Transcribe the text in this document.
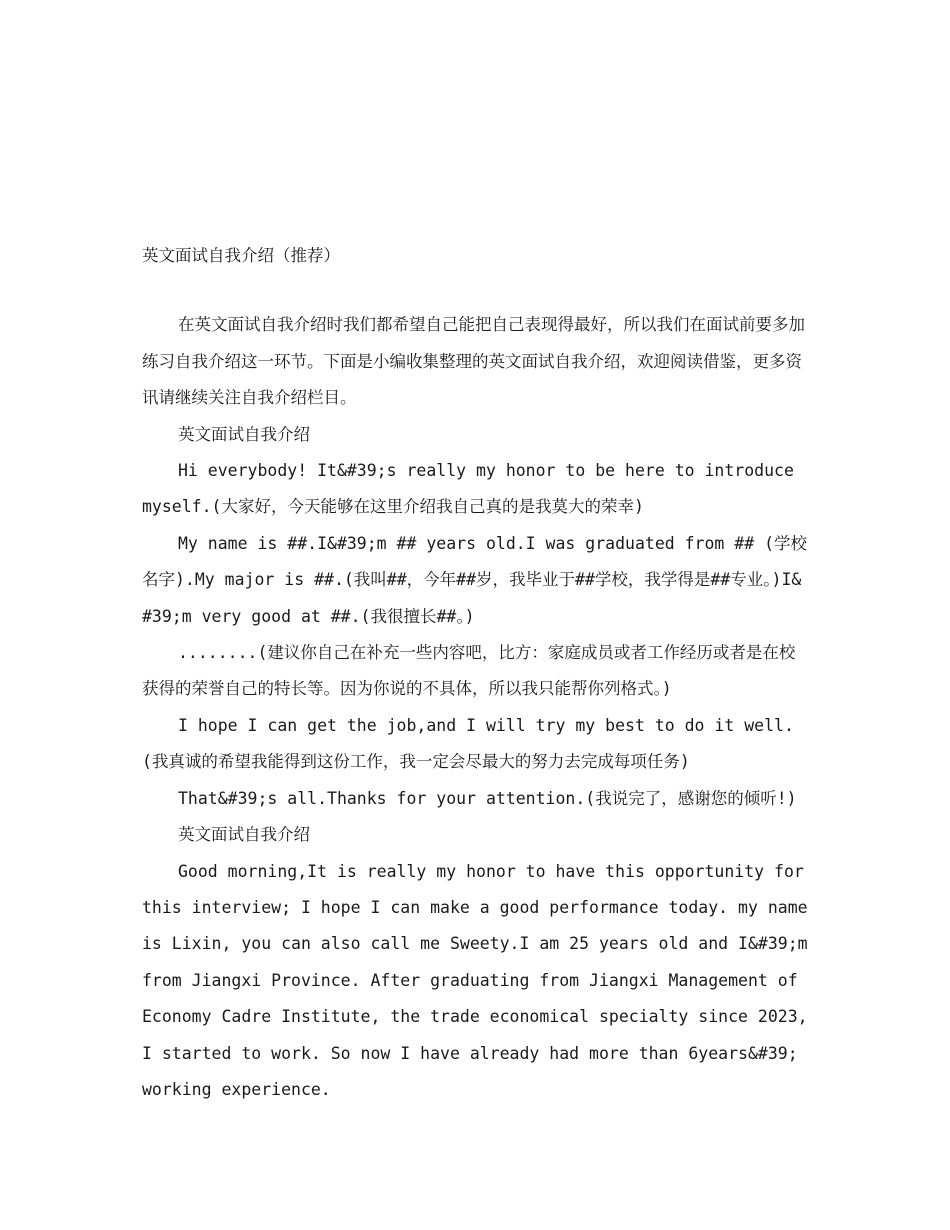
英文面试自我介绍（推荐）

在英文面试自我介绍时我们都希望自己能把自己表现得最好，所以我们在面试前要多加练习自我介绍这一环节。下面是小编收集整理的英文面试自我介绍，欢迎阅读借鉴，更多资讯请继续关注自我介绍栏目。

英文面试自我介绍

Hi everybody! It&#39;s really my honor to be here to introduce myself.(大家好，今天能够在这里介绍我自己真的是我莫大的荣幸)

My name is ##.I&#39;m ## years old.I was graduated from ## (学校名字).My major is ##.(我叫##，今年##岁，我毕业于##学校，我学得是##专业。)I&#39;m very good at ##.(我很擅长##。)

........(建议你自己在补充一些内容吧，比方：家庭成员或者工作经历或者是在校获得的荣誉自己的特长等。因为你说的不具体，所以我只能帮你列格式。)

I hope I can get the job,and I will try my best to do it well.(我真诚的希望我能得到这份工作，我一定会尽最大的努力去完成每项任务)

That&#39;s all.Thanks for your attention.(我说完了，感谢您的倾听!)

英文面试自我介绍

Good morning,It is really my honor to have this opportunity for this interview; I hope I can make a good performance today. my name is Lixin, you can also call me Sweety.I am 25 years old and I&#39;m from Jiangxi Province. After graduating from Jiangxi Management of Economy Cadre Institute, the trade economical specialty since 2023, I started to work. So now I have already had more than 6years&#39; working experience.
